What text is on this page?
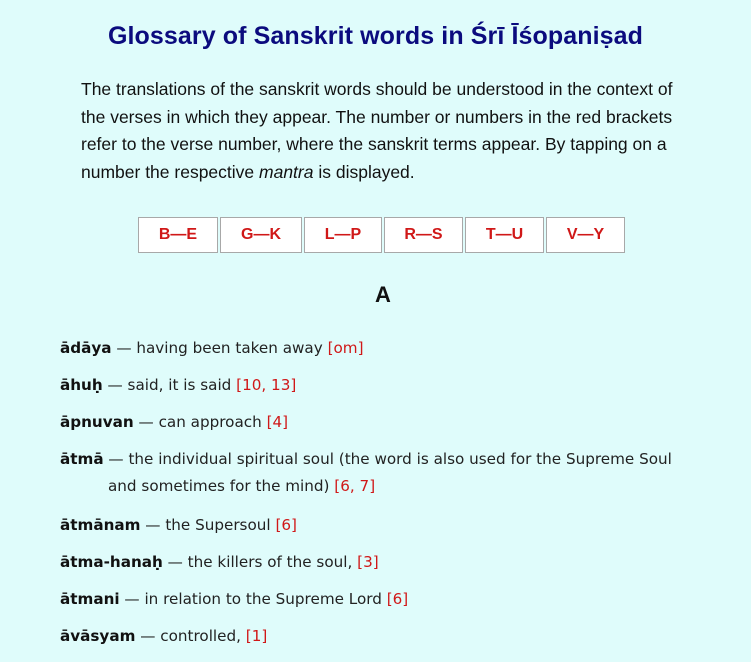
Glossary of Sanskrit words in Śrī Īśopaniṣad
The translations of the sanskrit words should be understood in the context of the verses in which they appear. The number or numbers in the red brackets refer to the verse number, where the sanskrit terms appear. By tapping on a number the respective mantra is displayed.
B—E	G—K	L—P	R—S	T—U	V—Y
A
ādāya — having been taken away [om]
āhuḥ — said, it is said [10, 13]
āpnuvan — can approach [4]
ātmā — the individual spiritual soul (the word is also used for the Supreme Soul and sometimes for the mind) [6, 7]
ātmānam — the Supersoul [6]
ātma-hanaḥ — the killers of the soul, [3]
ātmani — in relation to the Supreme Lord [6]
āvāsyam — controlled, [1]
